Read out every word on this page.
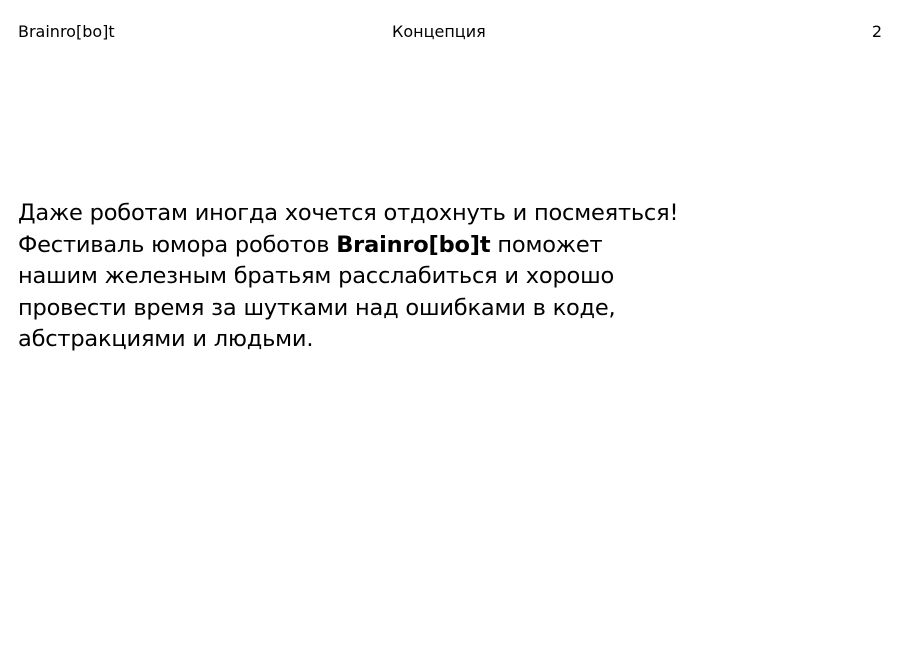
Brainro[bo]t	Концепция	2
Даже роботам иногда хочется отдохнуть и посмеяться!
Фестиваль юмора роботов Brainro[bo]t поможет
нашим железным братьям расслабиться и хорошо
провести время за шутками над ошибками в коде,
абстракциями и людьми.
